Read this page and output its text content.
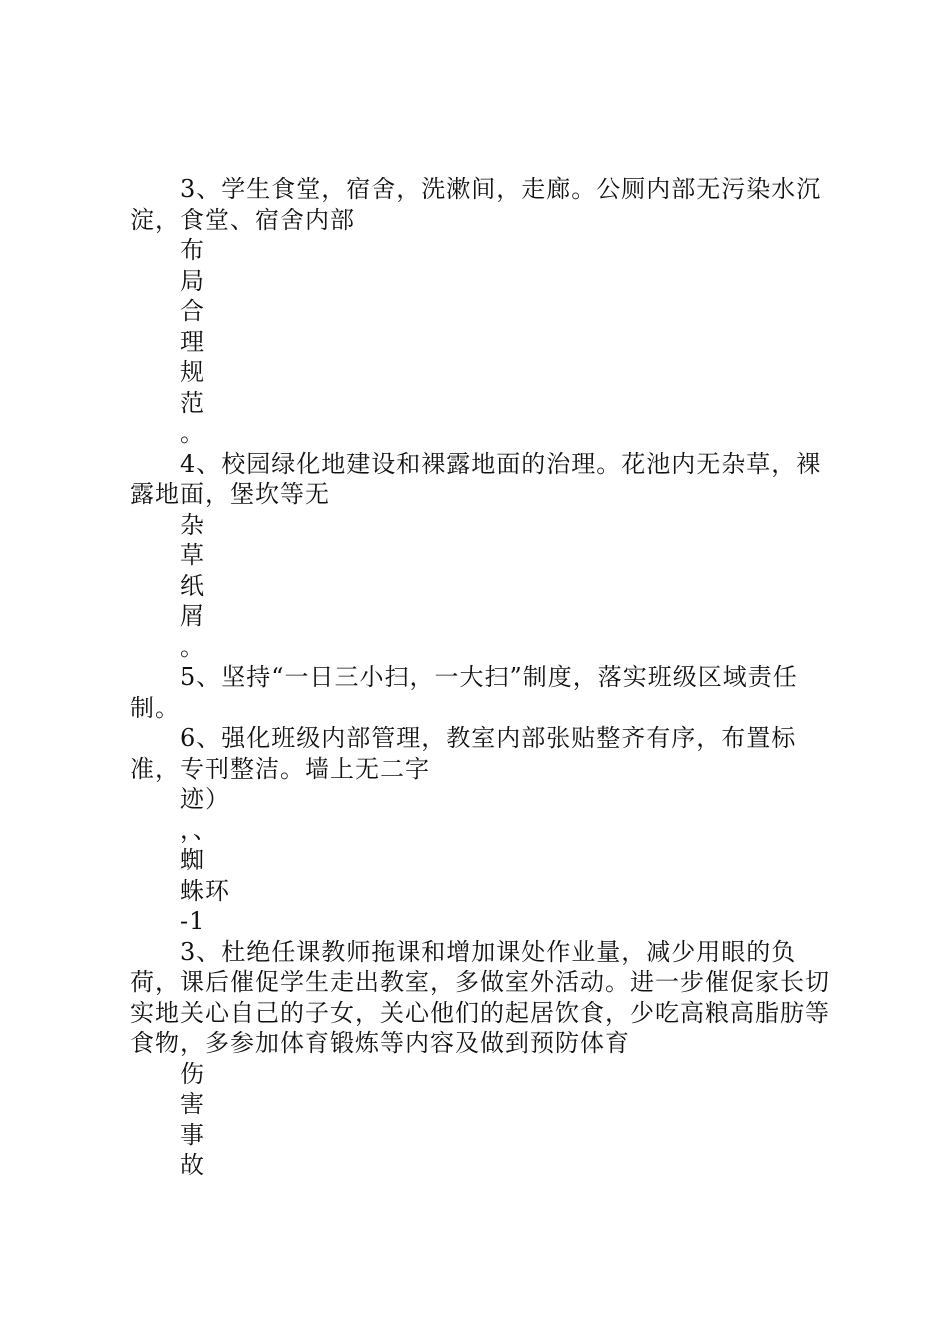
3、学生食堂，宿舍，洗漱间，走廊。公厕内部无污染水沉淀，食堂、宿舍内部

布

局

合

理

规

范

。

4、校园绿化地建设和裸露地面的治理。花池内无杂草，裸露地面，堡坎等无

杂

草

纸

屑

。

5、坚持“一日三小扫，一大扫”制度，落实班级区域责任制。

6、强化班级内部管理，教室内部张贴整齐有序，布置标准，专刊整洁。墙上无二字

迹）

，、

蜘

蛛环

-1

3、杜绝任课教师拖课和增加课处作业量，减少用眼的负荷，课后催促学生走出教室，多做室外活动。进一步催促家长切实地关心自己的子女，关心他们的起居饮食，少吃高粮高脂肪等食物，多参加体育锻炼等内容及做到预防体育

伤

害

事

故
